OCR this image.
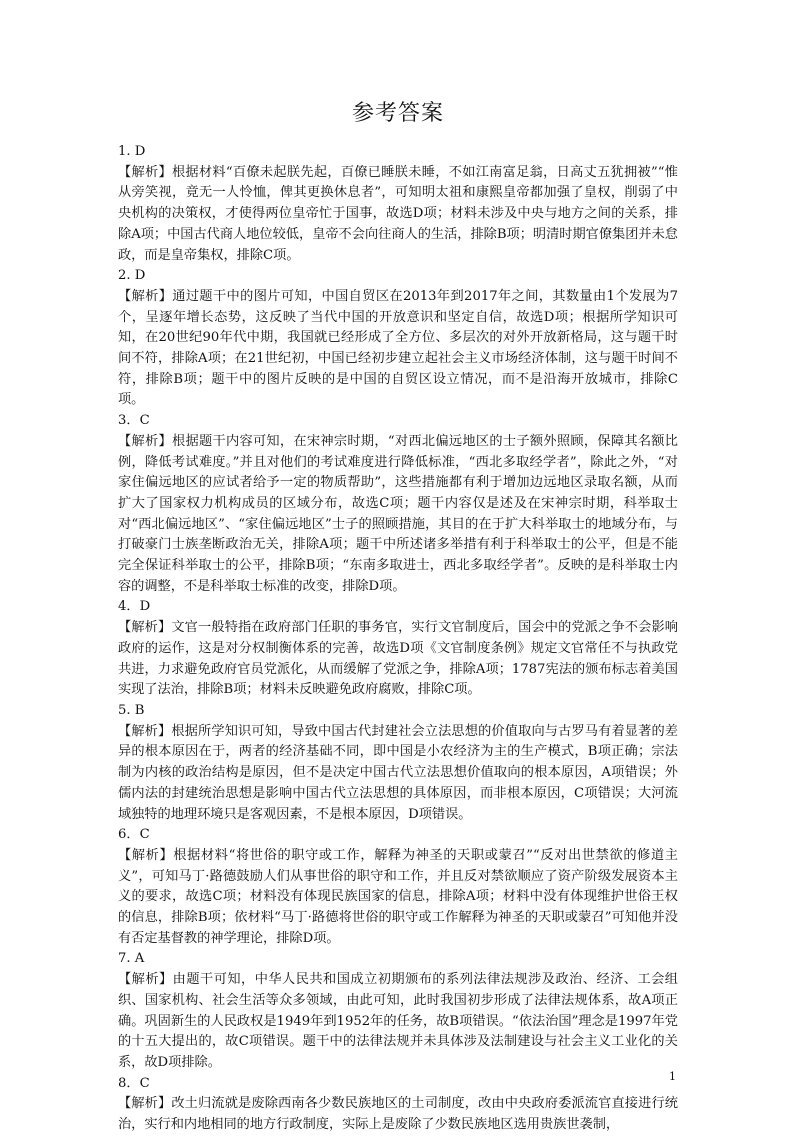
参考答案

1. D

【解析】根据材料“百僚未起朕先起，百僚已睡朕未睡，不如江南富足翁，日高丈五犹拥被”“惟从旁笑视，竟无一人怜恤，俾其更换休息者”，可知明太祖和康熙皇帝都加强了皇权，削弱了中央机构的决策权，才使得两位皇帝忙于国事，故选D项；材料未涉及中央与地方之间的关系，排除A项；中国古代商人地位较低，皇帝不会向往商人的生活，排除B项；明清时期官僚集团并未怠政，而是皇帝集权，排除C项。

2. D

【解析】通过题干中的图片可知，中国自贸区在2013年到2017年之间，其数量由1个发展为7个，呈逐年增长态势，这反映了当代中国的开放意识和坚定自信，故选D项；根据所学知识可知，在20世纪90年代中期，我国就已经形成了全方位、多层次的对外开放新格局，这与题干时间不符，排除A项；在21世纪初，中国已经初步建立起社会主义市场经济体制，这与题干时间不符，排除B项；题干中的图片反映的是中国的自贸区设立情况，而不是沿海开放城市，排除C项。

3．C

【解析】根据题干内容可知，在宋神宗时期，“对西北偏远地区的士子额外照顾，保障其名额比例，降低考试难度。”并且对他们的考试难度进行降低标准，“西北多取经学者”，除此之外，“对家住偏远地区的应试者给予一定的物质帮助”，这些措施都有利于增加边远地区录取名额，从而扩大了国家权力机构成员的区域分布，故选C项；题干内容仅是述及在宋神宗时期，科举取士对“西北偏远地区”、“家住偏远地区”士子的照顾措施，其目的在于扩大科举取士的地域分布，与打破豪门士族垄断政治无关，排除A项；题干中所述诸多举措有利于科举取士的公平，但是不能完全保证科举取士的公平，排除B项；“东南多取进士，西北多取经学者”。反映的是科举取士内容的调整，不是科举取士标准的改变，排除D项。

4．D

【解析】文官一般特指在政府部门任职的事务官，实行文官制度后，国会中的党派之争不会影响政府的运作，这是对分权制衡体系的完善，故选D项《文官制度条例》规定文官常任不与执政党共进，力求避免政府官员党派化，从而缓解了党派之争，排除A项；1787宪法的颁布标志着美国实现了法治，排除B项；材料未反映避免政府腐败，排除C项。

5. B

【解析】根据所学知识可知，导致中国古代封建社会立法思想的价值取向与古罗马有着显著的差异的根本原因在于，两者的经济基础不同，即中国是小农经济为主的生产模式，B项正确；宗法制为内核的政治结构是原因，但不是决定中国古代立法思想价值取向的根本原因，A项错误；外儒内法的封建统治思想是影响中国古代立法思想的具体原因，而非根本原因，C项错误；大河流域独特的地理环境只是客观因素，不是根本原因，D项错误。

6．C

【解析】根据材料“将世俗的职守或工作，解释为神圣的天职或蒙召”“反对出世禁欲的修道主义”，可知马丁·路德鼓励人们从事世俗的职守和工作，并且反对禁欲顺应了资产阶级发展资本主义的要求，故选C项；材料没有体现民族国家的信息，排除A项；材料中没有体现维护世俗王权的信息，排除B项；依材料“马丁·路德将世俗的职守或工作解释为神圣的天职或蒙召”可知他并没有否定基督教的神学理论，排除D项。

7. A

【解析】由题干可知，中华人民共和国成立初期颁布的系列法律法规涉及政治、经济、工会组织、国家机构、社会生活等众多领域，由此可知，此时我国初步形成了法律法规体系，故A项正确。巩固新生的人民政权是1949年到1952年的任务，故B项错误。“依法治国”理念是1997年党的十五大提出的，故C项错误。题干中的法律法规并未具体涉及法制建设与社会主义工业化的关系，故D项排除。

8．C

【解析】改土归流就是废除西南各少数民族地区的土司制度，改由中央政府委派流官直接进行统治，实行和内地相同的地方行政制度，实际上是废除了少数民族地区选用贵族世袭制，

1
